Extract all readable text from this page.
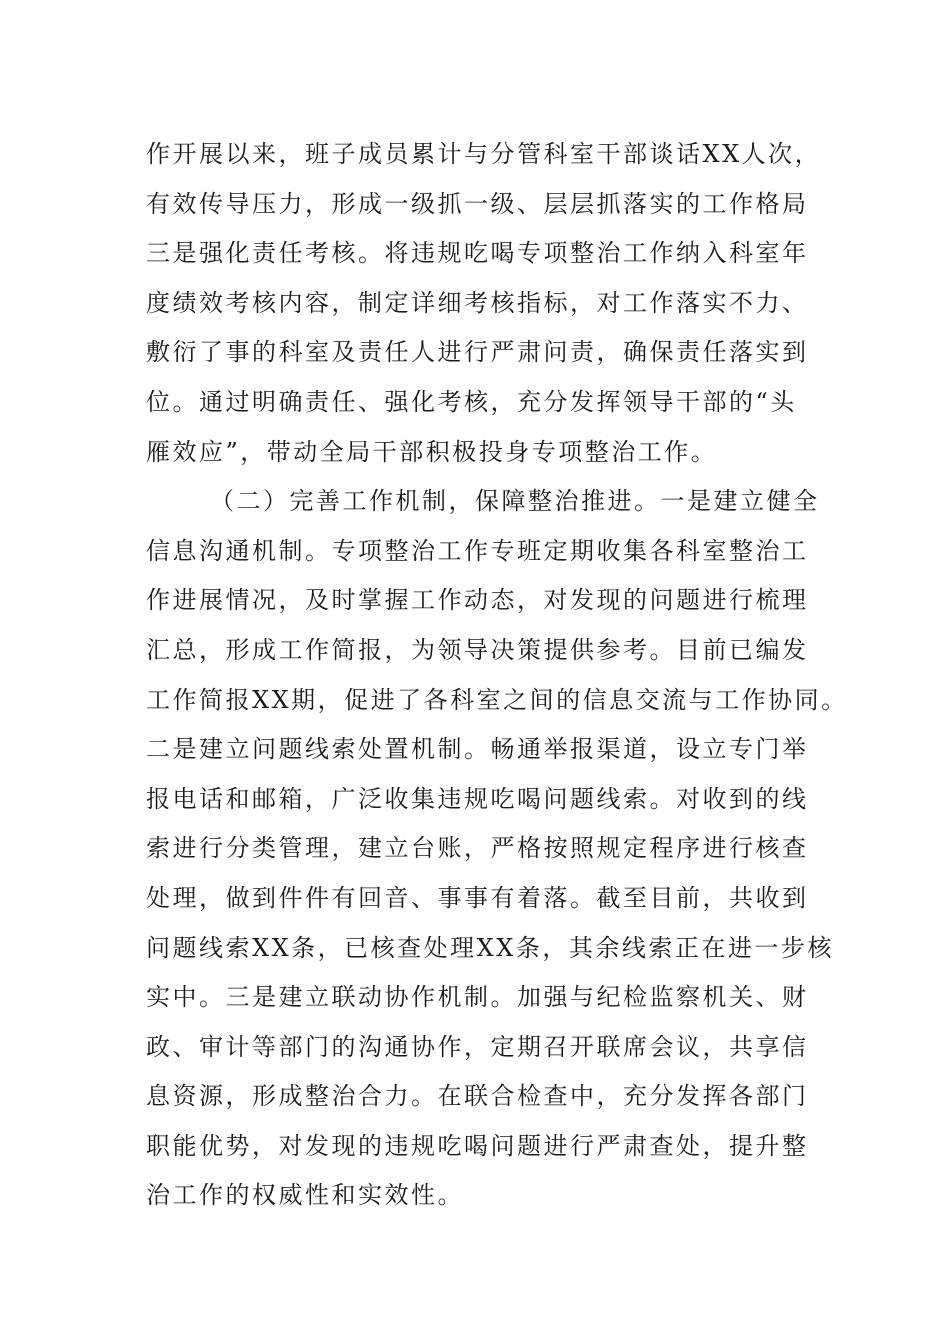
作开展以来，班子成员累计与分管科室干部谈话XX人次，
有效传导压力，形成一级抓一级、层层抓落实的工作格局
三是强化责任考核。将违规吃喝专项整治工作纳入科室年
度绩效考核内容，制定详细考核指标，对工作落实不力、
敷衍了事的科室及责任人进行严肃问责，确保责任落实到
位。通过明确责任、强化考核，充分发挥领导干部的“头
雁效应”，带动全局干部积极投身专项整治工作。
（二）完善工作机制，保障整治推进。一是建立健全
信息沟通机制。专项整治工作专班定期收集各科室整治工
作进展情况，及时掌握工作动态，对发现的问题进行梳理
汇总，形成工作简报，为领导决策提供参考。目前已编发
工作简报XX期，促进了各科室之间的信息交流与工作协同。
二是建立问题线索处置机制。畅通举报渠道，设立专门举
报电话和邮箱，广泛收集违规吃喝问题线索。对收到的线
索进行分类管理，建立台账，严格按照规定程序进行核查
处理，做到件件有回音、事事有着落。截至目前，共收到
问题线索XX条，已核查处理XX条，其余线索正在进一步核
实中。三是建立联动协作机制。加强与纪检监察机关、财
政、审计等部门的沟通协作，定期召开联席会议，共享信
息资源，形成整治合力。在联合检查中，充分发挥各部门
职能优势，对发现的违规吃喝问题进行严肃查处，提升整
治工作的权威性和实效性。
